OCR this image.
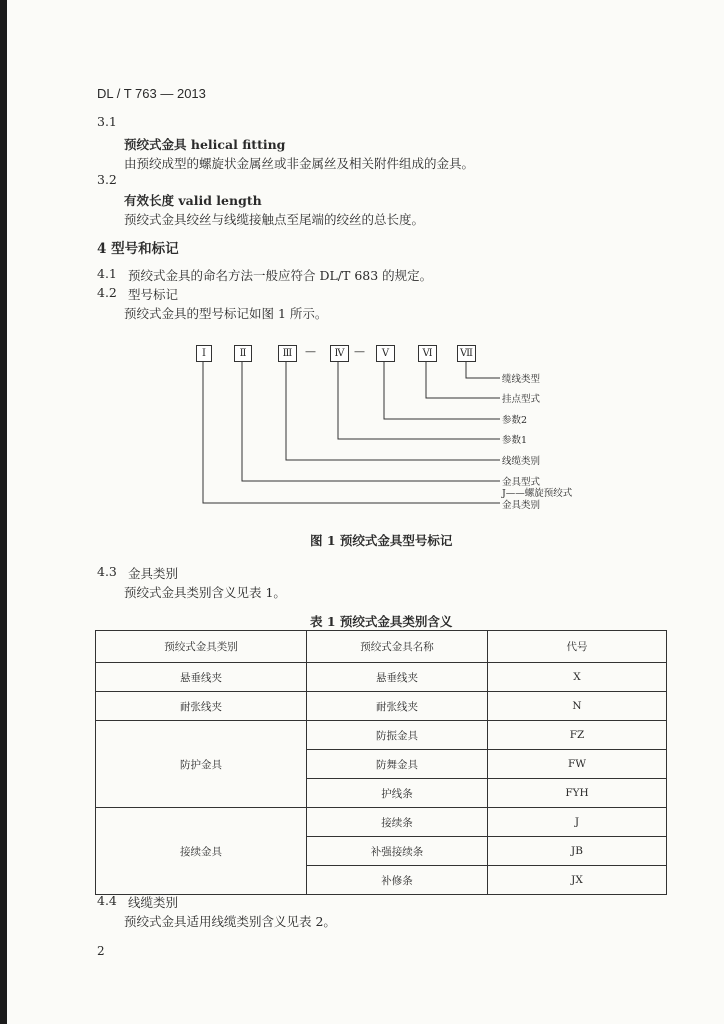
DL / T 763 — 2013
3.1
预绞式金具 helical fitting
由预绞成型的螺旋状金属丝或非金属丝及相关附件组成的金具。
3.2
有效长度 valid length
预绞式金具绞丝与线缆接触点至尾端的绞丝的总长度。
4 型号和标记
4.1 预绞式金具的命名方法一般应符合 DL/T 683 的规定。
4.2 型号标记
预绞式金具的型号标记如图 1 所示。
Ⅰ	Ⅱ	Ⅲ	—	Ⅳ —	Ⅴ	Ⅵ	Ⅶ
缆线类型
挂点型式
参数2
参数1
线缆类别
金具型式
J——螺旋预绞式
金具类别
图 1 预绞式金具型号标记
4.3 金具类别
预绞式金具类别含义见表 1。
表 1 预绞式金具类别含义
预绞式金具类别	预绞式金具名称	代号
悬垂线夹	悬垂线夹	X
耐张线夹	耐张线夹	N
防护金具	防振金具	FZ
	防舞金具	FW
	护线条	FYH
接续金具	接续条	J
	补强接续条	JB
	补修条	JX
4.4 线缆类别
预绞式金具适用线缆类别含义见表 2。
2
